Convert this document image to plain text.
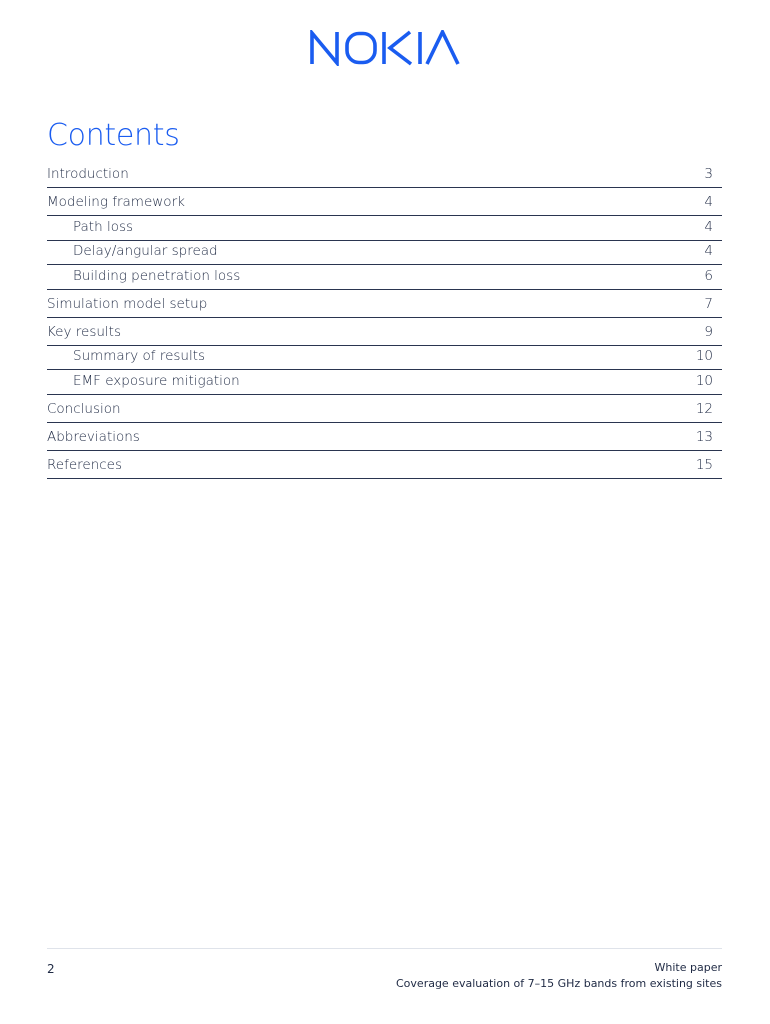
Contents
Introduction	3
Modeling framework	4
Path loss	4
Delay/angular spread	4
Building penetration loss	6
Simulation model setup	7
Key results	9
Summary of results	10
EMF exposure mitigation	10
Conclusion	12
Abbreviations	13
References	15
2	White paper
Coverage evaluation of 7–15 GHz bands from existing sites
